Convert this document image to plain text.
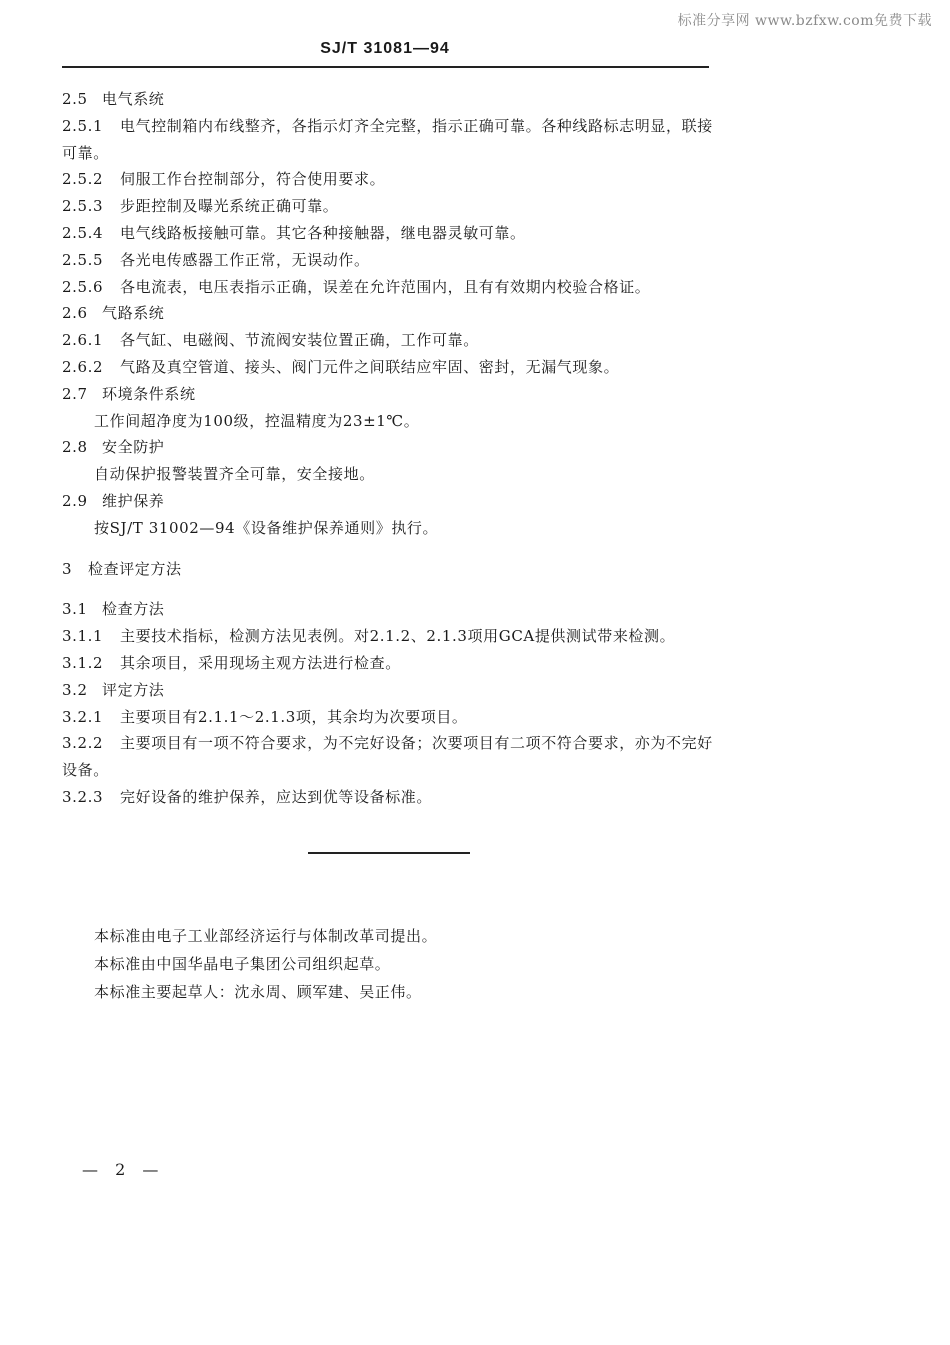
标准分享网 www.bzfxw.com免费下载
SJ/T 31081—94
2.5 电气系统
2.5.1 电气控制箱内布线整齐，各指示灯齐全完整，指示正确可靠。各种线路标志明显，联接
可靠。
2.5.2 伺服工作台控制部分，符合使用要求。
2.5.3 步距控制及曝光系统正确可靠。
2.5.4 电气线路板接触可靠。其它各种接触器，继电器灵敏可靠。
2.5.5 各光电传感器工作正常，无误动作。
2.5.6 各电流表，电压表指示正确，误差在允许范围内，且有有效期内校验合格证。
2.6 气路系统
2.6.1 各气缸、电磁阀、节流阀安装位置正确，工作可靠。
2.6.2 气路及真空管道、接头、阀门元件之间联结应牢固、密封，无漏气现象。
2.7 环境条件系统
工作间超净度为100级，控温精度为23±1℃。
2.8 安全防护
自动保护报警装置齐全可靠，安全接地。
2.9 维护保养
按SJ/T 31002—94《设备维护保养通则》执行。
3 检查评定方法
3.1 检查方法
3.1.1 主要技术指标，检测方法见表例。对2.1.2、2.1.3项用GCA提供测试带来检测。
3.1.2 其余项目，采用现场主观方法进行检查。
3.2 评定方法
3.2.1 主要项目有2.1.1～2.1.3项，其余均为次要项目。
3.2.2 主要项目有一项不符合要求，为不完好设备；次要项目有二项不符合要求，亦为不完好
设备。
3.2.3 完好设备的维护保养，应达到优等设备标准。
本标准由电子工业部经济运行与体制改革司提出。
本标准由中国华晶电子集团公司组织起草。
本标准主要起草人：沈永周、顾军建、吴正伟。
— 2 —
